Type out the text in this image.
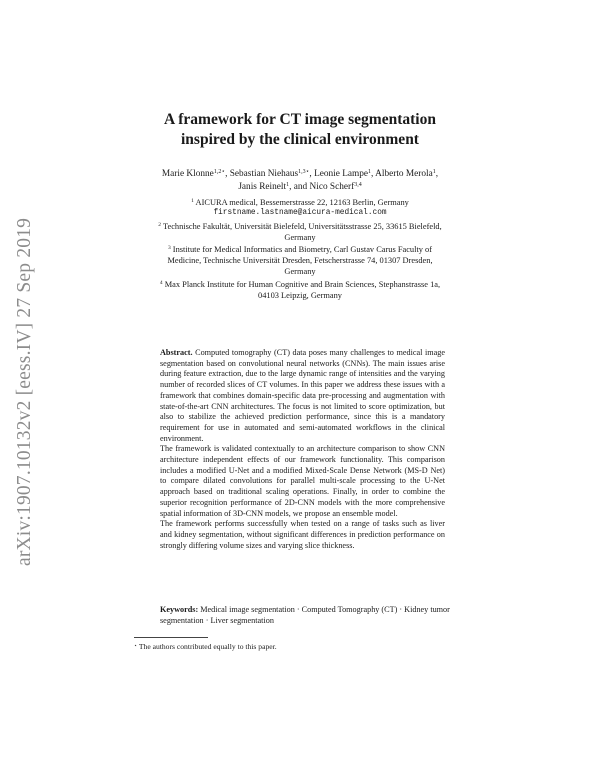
arXiv:1907.10132v2 [eess.IV] 27 Sep 2019
A framework for CT image segmentation
inspired by the clinical environment
Marie Klonne$^{1,2⋆}$, Sebastian Niehaus$^{1,3⋆}$, Leonie Lampe$^1$, Alberto Merola$^1$,
Janis Reinelt$^1$, and Nico Scherf$^{3,4}$
$^1$ AICURA medical, Bessemerstrasse 22, 12163 Berlin, Germany
firstname.lastname@aicura-medical.com
$^2$ Technische Fakultät, Universität Bielefeld, Universitätsstrasse 25, 33615 Bielefeld,
Germany
$^3$ Institute for Medical Informatics and Biometry, Carl Gustav Carus Faculty of
Medicine, Technische Universität Dresden, Fetscherstrasse 74, 01307 Dresden,
Germany
$^4$ Max Planck Institute for Human Cognitive and Brain Sciences, Stephanstrasse 1a,
04103 Leipzig, Germany

Abstract. Computed tomography (CT) data poses many challenges to medical image segmentation based on convolutional neural networks (CNNs). The main issues arise during feature extraction, due to the large dynamic range of intensities and the varying number of recorded slices of CT volumes. In this paper we address these issues with a framework that combines domain-specific data pre-processing and augmentation with state-of-the-art CNN architectures. The focus is not limited to score optimization, but also to stabilize the achieved prediction performance, since this is a mandatory requirement for use in automated and semi-automated workflows in the clinical environment.

The framework is validated contextually to an architecture comparison to show CNN architecture independent effects of our framework functionality. This comparison includes a modified U-Net and a modified Mixed-Scale Dense Network (MS-D Net) to compare dilated convolutions for parallel multi-scale processing to the U-Net approach based on traditional scaling operations. Finally, in order to combine the superior recognition performance of 2D-CNN models with the more comprehensive spatial information of 3D-CNN models, we propose an ensemble model.

The framework performs successfully when tested on a range of tasks such as liver and kidney segmentation, without significant differences in prediction performance on strongly differing volume sizes and varying slice thickness.

Keywords: Medical image segmentation · Computed Tomography (CT) · Kidney tumor segmentation · Liver segmentation
⋆ The authors contributed equally to this paper.
